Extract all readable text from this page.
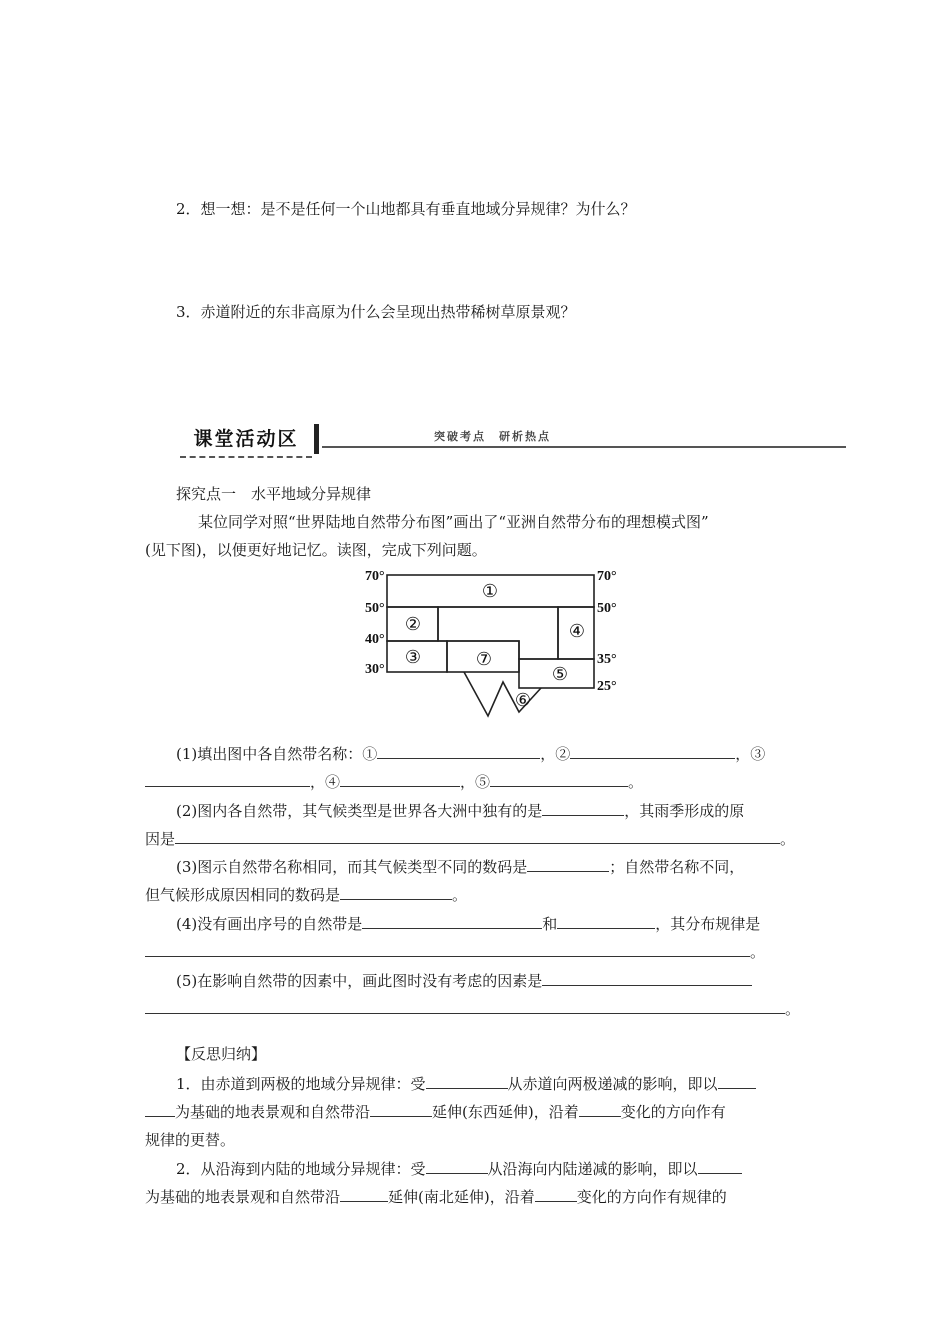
2．想一想：是不是任何一个山地都具有垂直地域分异规律？为什么？
3．赤道附近的东非高原为什么会呈现出热带稀树草原景观？
课堂活动区	突破考点　研析热点
探究点一　水平地域分异规律
某位同学对照“世界陆地自然带分布图”画出了“亚洲自然带分布的理想模式图”
(见下图)，以便更好地记忆。读图，完成下列问题。
70°
50°
40°
30°
70°
50°
35°
25°
①
②
③
④
⑤
⑥
⑦
(1)填出图中各自然带名称：①	，②	，③
，④	，⑤	。
(2)图内各自然带，其气候类型是世界各大洲中独有的是	，其雨季形成的原
因是	。
(3)图示自然带名称相同，而其气候类型不同的数码是	；自然带名称不同，
但气候形成原因相同的数码是	。
(4)没有画出序号的自然带是	和	，其分布规律是
。
(5)在影响自然带的因素中，画此图时没有考虑的因素是
。
【反思归纳】
1．由赤道到两极的地域分异规律：受	从赤道向两极递减的影响，即以
为基础的地表景观和自然带沿	延伸(东西延伸)，沿着	变化的方向作有
规律的更替。
2．从沿海到内陆的地域分异规律：受	从沿海向内陆递减的影响，即以
为基础的地表景观和自然带沿	延伸(南北延伸)，沿着	变化的方向作有规律的
